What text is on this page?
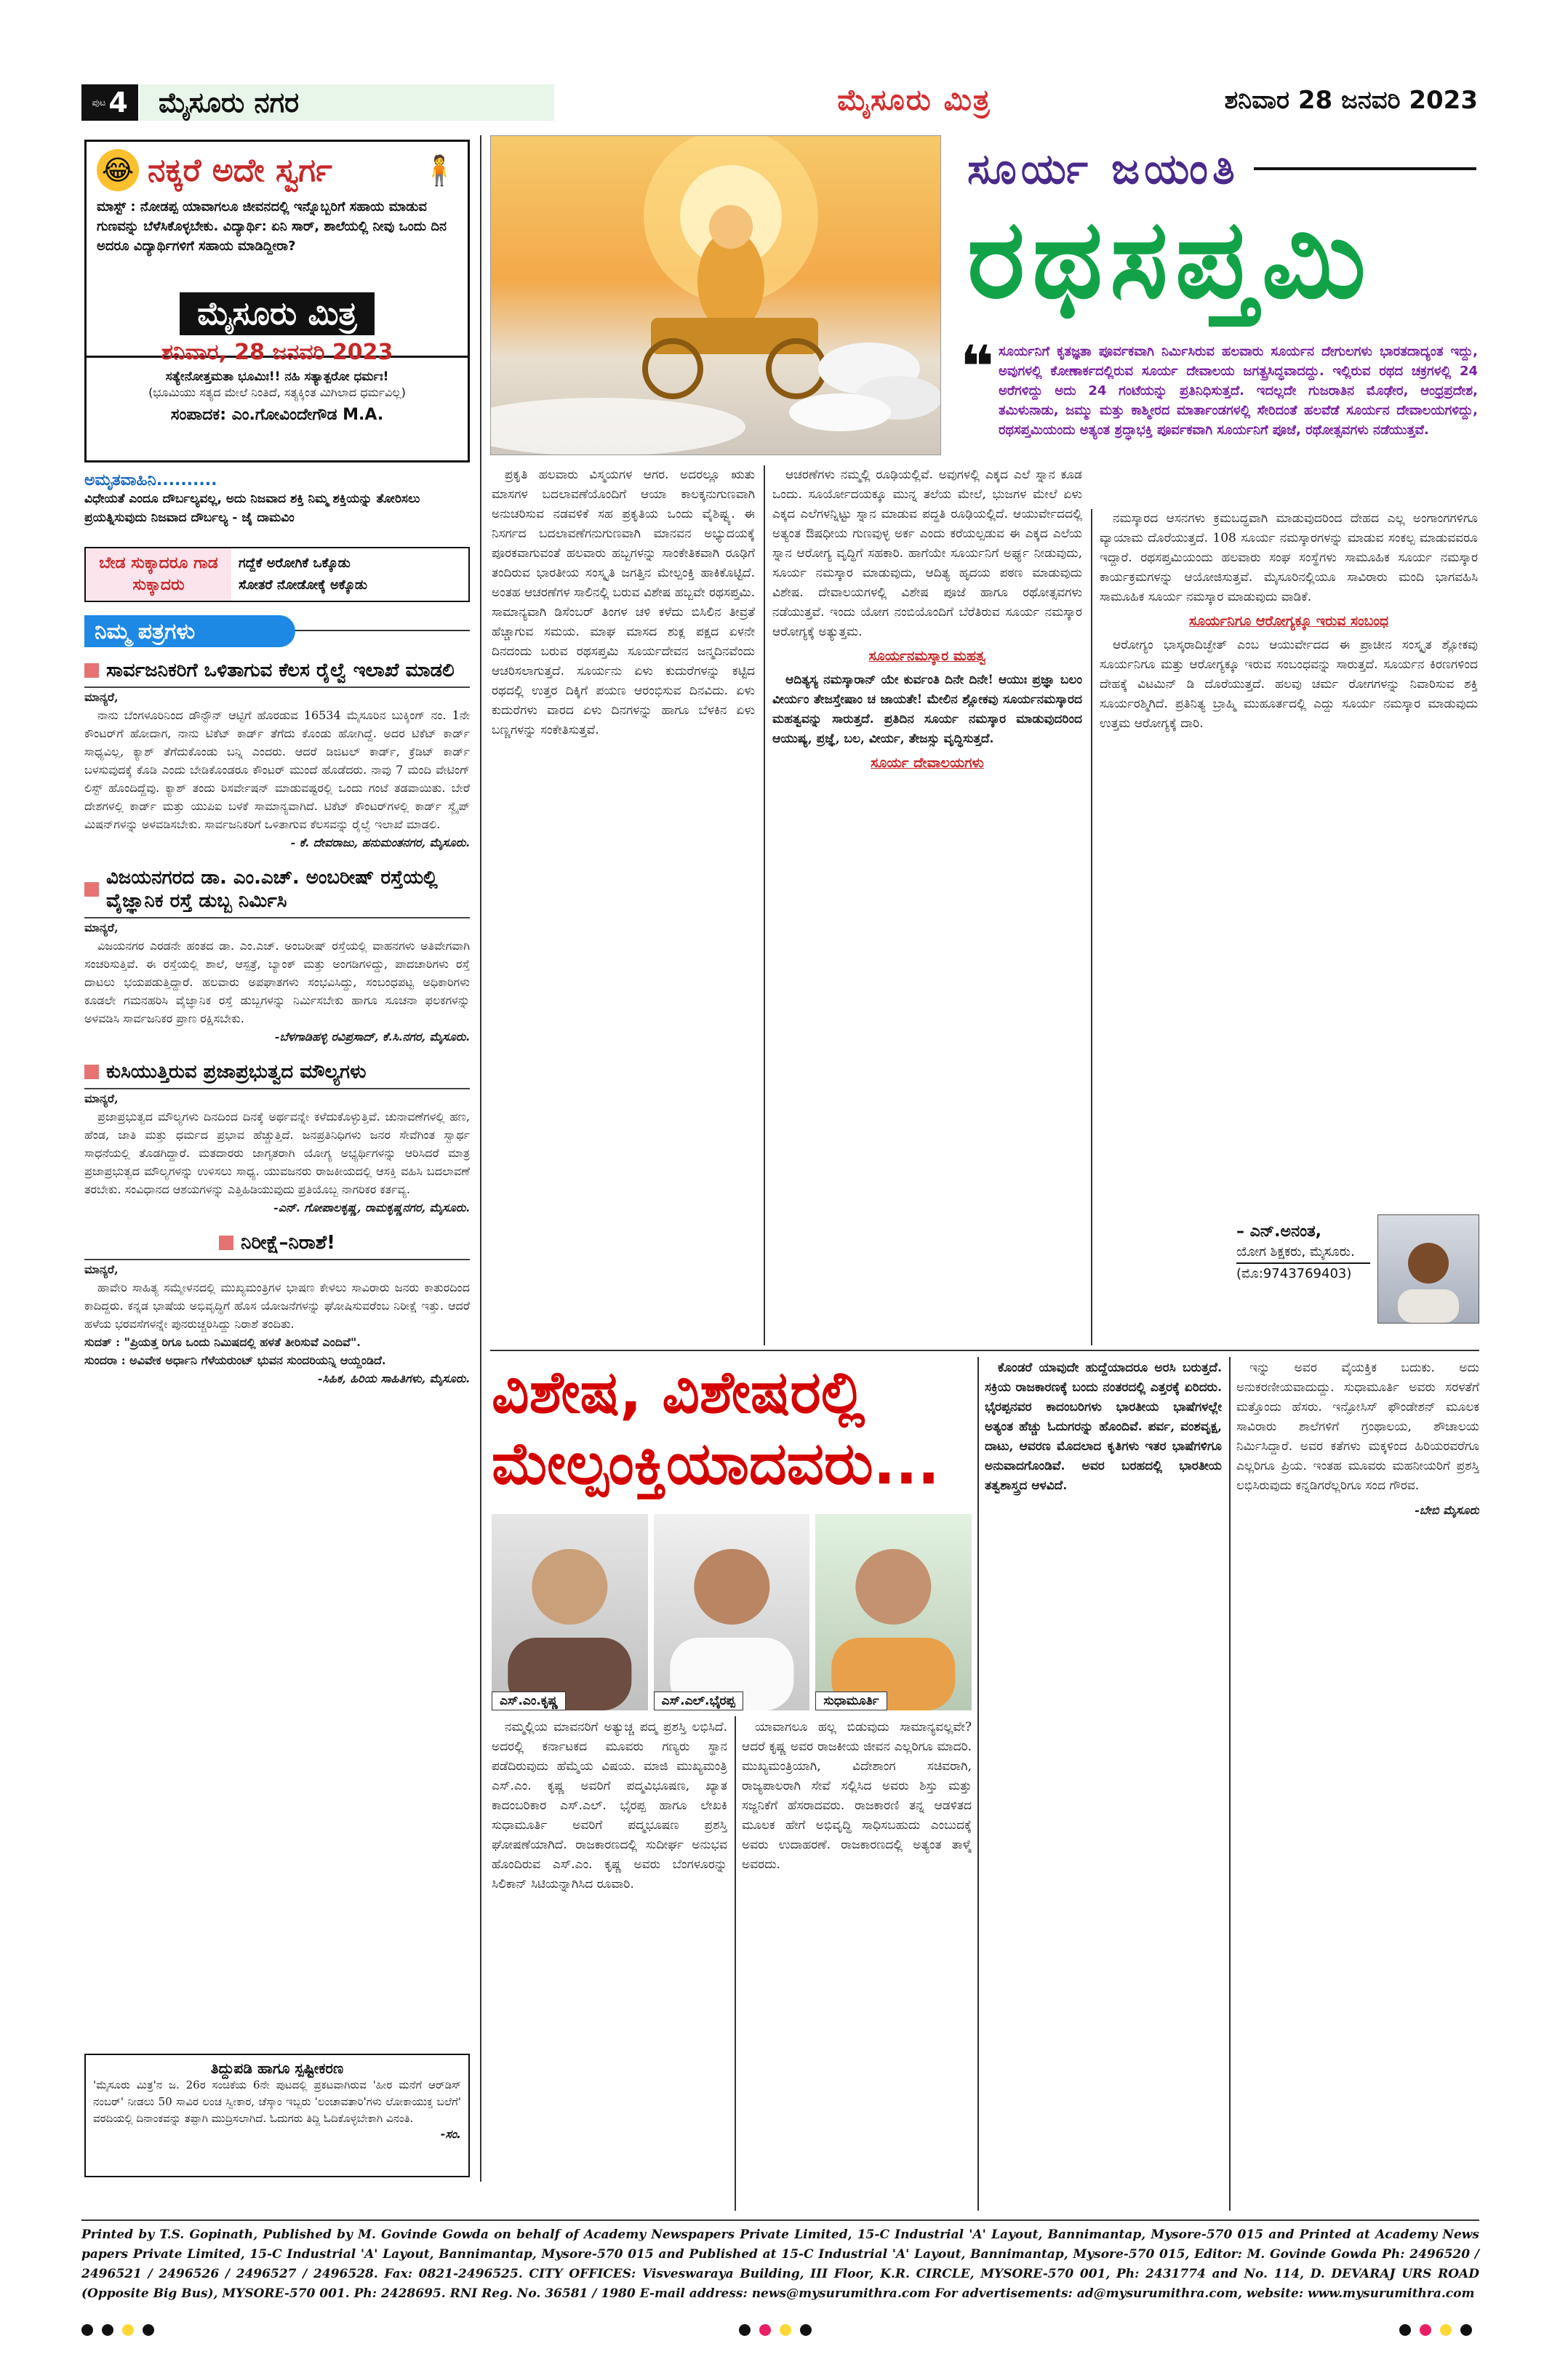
ಪುಟ 4	ಮೈಸೂರು ನಗರ	ಮೈಸೂರು ಮಿತ್ರ	ಶನಿವಾರ 28 ಜನವರಿ 2023
😂 ನಕ್ಕರೆ ಅದೇ ಸ್ವರ್ಗ	🧍
ಮಾಸ್ಟ್ : ನೋಡಪ್ಪ ಯಾವಾಗಲೂ ಜೀವನದಲ್ಲಿ ಇನ್ನೊಬ್ಬರಿಗೆ ಸಹಾಯ ಮಾಡುವ ಗುಣವನ್ನು ಬೆಳೆಸಿಕೊಳ್ಳಬೇಕು. ವಿದ್ಯಾರ್ಥಿ: ಏನಿ ಸಾರ್, ಶಾಲೆಯಲ್ಲಿ ನೀವು ಒಂದು ದಿನ ಅದರೂ ವಿದ್ಯಾರ್ಥಿಗಳಿಗೆ ಸಹಾಯ ಮಾಡಿದ್ದೀರಾ?
ಮೈಸೂರು ಮಿತ್ರ
ಶನಿವಾರ, 28 ಜನವರಿ 2023
ಸತ್ಯೇನೋತ್ತಮತಾ ಭೂಮಿಃ!! ನಹಿ ಸತ್ಯಾತ್ಪರೋ ಧರ್ಮಃ!
(ಭೂಮಿಯು ಸತ್ಯದ ಮೇಲೆ ನಿಂತಿದೆ, ಸತ್ಯಕ್ಕಿಂತ ಮಿಗಿಲಾದ ಧರ್ಮವಿಲ್ಲ)
ಸಂಪಾದಕ: ಎಂ.ಗೋವಿಂದೇಗೌಡ M.A.
ಅಮೃತವಾಹಿನಿ..........
ವಿಧೇಯತೆ ಎಂದೂ ದೌರ್ಬಲ್ಯವಲ್ಲ, ಅದು ನಿಜವಾದ ಶಕ್ತಿ ನಿಮ್ಮ ಶಕ್ತಿಯನ್ನು ತೋರಿಸಲು ಪ್ರಯತ್ನಿಸುವುದು ನಿಜವಾದ ದೌರ್ಬಲ್ಯ - ಜೈ ದಾಮವಿಂ
ಬೇಡ ಸುಕ್ಕಾದರೂ ಗಾಡ ಸುಕ್ಕಾದರು
ಗದ್ದೆಕೆ ಅರೋಗಿಕೆ ಒಕ್ಕೊಡು
ಸೋತರೆ ನೋಡೋಕ್ಕೆ ಅಕ್ಕೊಡು
ನಿಮ್ಮ ಪತ್ರಗಳು
ಸಾರ್ವಜನಿಕರಿಗೆ ಒಳಿತಾಗುವ ಕೆಲಸ ರೈಲ್ವೆ ಇಲಾಖೆ ಮಾಡಲಿ
ಮಾನ್ಯರೆ,
ನಾನು ಬೆಂಗಳೂರಿನಿಂದ ಡೌನ್ಟೌನ್ ಆಟ್ಟಿಗೆ ಹೊರಡುವ 16534 ಮೈಸೂರಿನ ಬುಕ್ಕಿಂಗ್ ನಂ. 1ನೇ ಕೌಂಟರ್‌ಗೆ ಹೋದಾಗ, ನಾನು ಟಿಕೆಟ್ ಕಾರ್ಡ್ ತೆಗೆದು ಕೊಂಡು ಹೋಗಿದ್ದೆ. ಅದರ ಟಿಕೆಟ್ ಕಾರ್ಡ್ ಸಾಧ್ಯವಿಲ್ಲ, ಕ್ಯಾಶ್ ತೆಗೆದುಕೊಂಡು ಬನ್ನಿ ಎಂದರು. ಆದರೆ ಡಿಜಿಟಲ್ ಕಾರ್ಡ್, ಕ್ರೆಡಿಟ್ ಕಾರ್ಡ್ ಬಳಸುವುದಕ್ಕೆ ಕೊಡಿ ಎಂದು ಬೇಡಿಕೊಂಡರೂ ಕೌಂಟರ್ ಮುಂದೆ ಹೊಡೆದರು. ನಾವು 7 ಮಂದಿ ವೇಟಿಂಗ್ ಲಿಸ್ಟ್ ಹೊಂದಿದ್ದೆವು. ಕ್ಯಾಶ್ ತಂದು ರಿಸರ್ವೇಷನ್ ಮಾಡುವಷ್ಟರಲ್ಲಿ ಒಂದು ಗಂಟೆ ತಡವಾಯಿತು. ಬೇರೆ ದೇಶಗಳಲ್ಲಿ ಕಾರ್ಡ್ ಮತ್ತು ಯುಪಿಐ ಬಳಕೆ ಸಾಮಾನ್ಯವಾಗಿದೆ. ಟಿಕೆಟ್ ಕೌಂಟರ್‌ಗಳಲ್ಲಿ ಕಾರ್ಡ್ ಸ್ವೈಪ್ ಮಿಷನ್‌ಗಳನ್ನು ಅಳವಡಿಸಬೇಕು. ಸಾರ್ವಜನಿಕರಿಗೆ ಒಳಿತಾಗುವ ಕೆಲಸವನ್ನು ರೈಲ್ವೆ ಇಲಾಖೆ ಮಾಡಲಿ.
- ಕೆ. ದೇವರಾಜು, ಹನುಮಂತನಗರ, ಮೈಸೂರು.
ವಿಜಯನಗರದ ಡಾ. ಎಂ.ಎಚ್. ಅಂಬರೀಷ್ ರಸ್ತೆಯಲ್ಲಿ ವೈಜ್ಞಾನಿಕ ರಸ್ತೆ ಡುಬ್ಬ ನಿರ್ಮಿಸಿ
ಮಾನ್ಯರೆ,
ವಿಜಯನಗರ ಎರಡನೇ ಹಂತದ ಡಾ. ಎಂ.ಎಚ್. ಅಂಬರೀಷ್ ರಸ್ತೆಯಲ್ಲಿ ವಾಹನಗಳು ಅತಿವೇಗವಾಗಿ ಸಂಚರಿಸುತ್ತಿವೆ. ಈ ರಸ್ತೆಯಲ್ಲಿ ಶಾಲೆ, ಆಸ್ಪತ್ರೆ, ಬ್ಯಾಂಕ್ ಮತ್ತು ಅಂಗಡಿಗಳಿದ್ದು, ಪಾದಚಾರಿಗಳು ರಸ್ತೆ ದಾಟಲು ಭಯಪಡುತ್ತಿದ್ದಾರೆ. ಹಲವಾರು ಅಪಘಾತಗಳು ಸಂಭವಿಸಿದ್ದು, ಸಂಬಂಧಪಟ್ಟ ಅಧಿಕಾರಿಗಳು ಕೂಡಲೇ ಗಮನಹರಿಸಿ ವೈಜ್ಞಾನಿಕ ರಸ್ತೆ ಡುಬ್ಬಗಳನ್ನು ನಿರ್ಮಿಸಬೇಕು ಹಾಗೂ ಸೂಚನಾ ಫಲಕಗಳನ್ನು ಅಳವಡಿಸಿ ಸಾರ್ವಜನಿಕರ ಪ್ರಾಣ ರಕ್ಷಿಸಬೇಕು.
-ಬೆಳಗಾಡಿಹಳ್ಳಿ ರವಿಪ್ರಸಾದ್, ಕೆ.ಸಿ.ನಗರ, ಮೈಸೂರು.
ಕುಸಿಯುತ್ತಿರುವ ಪ್ರಜಾಪ್ರಭುತ್ವದ ಮೌಲ್ಯಗಳು
ಮಾನ್ಯರೆ,
ಪ್ರಜಾಪ್ರಭುತ್ವದ ಮೌಲ್ಯಗಳು ದಿನದಿಂದ ದಿನಕ್ಕೆ ಅರ್ಥವನ್ನೇ ಕಳೆದುಕೊಳ್ಳುತ್ತಿವೆ. ಚುನಾವಣೆಗಳಲ್ಲಿ ಹಣ, ಹೆಂಡ, ಜಾತಿ ಮತ್ತು ಧರ್ಮದ ಪ್ರಭಾವ ಹೆಚ್ಚುತ್ತಿದೆ. ಜನಪ್ರತಿನಿಧಿಗಳು ಜನರ ಸೇವೆಗಿಂತ ಸ್ವಾರ್ಥ ಸಾಧನೆಯಲ್ಲಿ ತೊಡಗಿದ್ದಾರೆ. ಮತದಾರರು ಜಾಗೃತರಾಗಿ ಯೋಗ್ಯ ಅಭ್ಯರ್ಥಿಗಳನ್ನು ಆರಿಸಿದರೆ ಮಾತ್ರ ಪ್ರಜಾಪ್ರಭುತ್ವದ ಮೌಲ್ಯಗಳನ್ನು ಉಳಿಸಲು ಸಾಧ್ಯ. ಯುವಜನರು ರಾಜಕೀಯದಲ್ಲಿ ಆಸಕ್ತಿ ವಹಿಸಿ ಬದಲಾವಣೆ ತರಬೇಕು. ಸಂವಿಧಾನದ ಆಶಯಗಳನ್ನು ಎತ್ತಿಹಿಡಿಯುವುದು ಪ್ರತಿಯೊಬ್ಬ ನಾಗರಿಕರ ಕರ್ತವ್ಯ.
-ಎನ್. ಗೋಪಾಲಕೃಷ್ಣ, ರಾಮಕೃಷ್ಣನಗರ, ಮೈಸೂರು.
ನಿರೀಕ್ಷೆ–ನಿರಾಶೆ!
ಮಾನ್ಯರೆ,
ಹಾವೇರಿ ಸಾಹಿತ್ಯ ಸಮ್ಮೇಳನದಲ್ಲಿ ಮುಖ್ಯಮಂತ್ರಿಗಳ ಭಾಷಣ ಕೇಳಲು ಸಾವಿರಾರು ಜನರು ಕಾತುರದಿಂದ ಕಾದಿದ್ದರು. ಕನ್ನಡ ಭಾಷೆಯ ಅಭಿವೃದ್ಧಿಗೆ ಹೊಸ ಯೋಜನೆಗಳನ್ನು ಘೋಷಿಸುವರೆಂಬ ನಿರೀಕ್ಷೆ ಇತ್ತು. ಆದರೆ ಹಳೆಯ ಭರವಸೆಗಳನ್ನೇ ಪುನರುಚ್ಚರಿಸಿದ್ದು ನಿರಾಶೆ ತಂದಿತು.
ಸುದತ್ : "ಪ್ರಿಯತ್ತ ರಿಗೂ ಒಂದು ನಿಮಿಷದಲ್ಲಿ ಹಳತೆ ತೀರಿಸುವೆ ಎಂದಿವೆ".
ಸುಂದರಾ : ಅವಿವೇಕ ಅರ್ಧಾನಿ ಗೆಳೆಯರುಂಟ್ ಭುವನ ಸುಂದರಿಯನ್ನಿ ಆಯ್ದಂಡಿದೆ.
-ಸಿಹಿಕ, ಹಿರಿಯ ಸಾಹಿತಿಗಳು, ಮೈಸೂರು.
ತಿದ್ದುಪಡಿ ಹಾಗೂ ಸ್ಪಷ್ಟೀಕರಣ
'ಮೈಸೂರು ಮಿತ್ರ'ನ ಜ. 26ರ ಸಂಚಿಕೆಯ 6ನೇ ಪುಟದಲ್ಲಿ ಪ್ರಕಟವಾಗಿರುವ 'ಹೀರ ಮನೆಗೆ ಆರ್‌ಡಿಸ್ ನಂಬರ್' ನೀಡಲು 50 ಸಾವಿರ ಲಂಚ ಸ್ವೀಕಾರ, ಚೆಸ್ಕಾಂ ಇಬ್ಬರು 'ಲಂಚಾವತಾರಿ'ಗಳು ಲೋಕಾಯುಕ್ತ ಬಲೆಗೆ' ವರದಿಯಲ್ಲಿ ದಿನಾಂಕವನ್ನು ತಪ್ಪಾಗಿ ಮುದ್ರಿಸಲಾಗಿದೆ. ಓದುಗರು ತಿದ್ದಿ ಓದಿಕೊಳ್ಳಬೇಕಾಗಿ ವಿನಂತಿ.
-ಸಂ.
ಸೂರ್ಯ ಜಯಂತಿ
ರಥಸಪ್ತಮಿ
❝ ಸೂರ್ಯನಿಗೆ ಕೃತಜ್ಞತಾ ಪೂರ್ವಕವಾಗಿ ನಿರ್ಮಿಸಿರುವ ಹಲವಾರು ಸೂರ್ಯನ ದೇಗುಲಗಳು ಭಾರತದಾದ್ಯಂತ ಇದ್ದು, ಅವುಗಳಲ್ಲಿ ಕೋಣಾರ್ಕದಲ್ಲಿರುವ ಸೂರ್ಯ ದೇವಾಲಯ ಜಗತ್ಪ್ರಸಿದ್ಧವಾದದ್ದು. ಇಲ್ಲಿರುವ ರಥದ ಚಕ್ರಗಳಲ್ಲಿ 24 ಅರೆಗಳಿದ್ದು ಅದು 24 ಗಂಟೆಯನ್ನು ಪ್ರತಿನಿಧಿಸುತ್ತದೆ. ಇದಲ್ಲದೇ ಗುಜರಾತಿನ ಮೊಢೇರ, ಆಂಧ್ರಪ್ರದೇಶ, ತಮಿಳುನಾಡು, ಜಮ್ಮು ಮತ್ತು ಕಾಶ್ಮೀರದ ಮಾರ್ತಾಂಡಗಳಲ್ಲಿ ಸೇರಿದಂತೆ ಹಲವೆಡೆ ಸೂರ್ಯನ ದೇವಾಲಯಗಳಿದ್ದು, ರಥಸಪ್ತಮಿಯಂದು ಅತ್ಯಂತ ಶ್ರದ್ಧಾಭಕ್ತಿ ಪೂರ್ವಕವಾಗಿ ಸೂರ್ಯನಿಗೆ ಪೂಜೆ, ರಥೋತ್ಸವಗಳು ನಡೆಯುತ್ತವೆ.

ಪ್ರಕೃತಿ ಹಲವಾರು ವಿಸ್ಮಯಗಳ ಆಗರ. ಅದರಲ್ಲೂ ಋತು ಮಾಸಗಳ ಬದಲಾವಣೆಯೊಂದಿಗೆ ಆಯಾ ಕಾಲಕ್ಕನುಗುಣವಾಗಿ ಅನುಚರಿಸುವ ನಡವಳಿಕೆ ಸಹ ಪ್ರಕೃತಿಯ ಒಂದು ವೈಶಿಷ್ಟ್ಯ. ಈ ನಿಸರ್ಗದ ಬದಲಾವಣೆಗನುಗುಣವಾಗಿ ಮಾನವನ ಅಭ್ಯುದಯಕ್ಕೆ ಪೂರಕವಾಗುವಂತೆ ಹಲವಾರು ಹಬ್ಬಗಳನ್ನು ಸಾಂಕೇತಿಕವಾಗಿ ರೂಢಿಗೆ ತಂದಿರುವ ಭಾರತೀಯ ಸಂಸ್ಕೃತಿ ಜಗತ್ತಿನ ಮೇಲ್ಪಂಕ್ತಿ ಹಾಕಿಕೊಟ್ಟಿದೆ. ಅಂತಹ ಆಚರಣೆಗಳ ಸಾಲಿನಲ್ಲಿ ಬರುವ ವಿಶೇಷ ಹಬ್ಬವೇ ರಥಸಪ್ತಮಿ. ಸಾಮಾನ್ಯವಾಗಿ ಡಿಸೆಂಬರ್ ತಿಂಗಳ ಚಳಿ ಕಳೆದು ಬಿಸಿಲಿನ ತೀವ್ರತೆ ಹೆಚ್ಚಾಗುವ ಸಮಯ. ಮಾಘ ಮಾಸದ ಶುಕ್ಲ ಪಕ್ಷದ ಏಳನೇ ದಿನದಂದು ಬರುವ ರಥಸಪ್ತಮಿ ಸೂರ್ಯದೇವನ ಜನ್ಮದಿನವೆಂದು ಆಚರಿಸಲಾಗುತ್ತದೆ. ಸೂರ್ಯನು ಏಳು ಕುದುರೆಗಳನ್ನು ಕಟ್ಟಿದ ರಥದಲ್ಲಿ ಉತ್ತರ ದಿಕ್ಕಿಗೆ ಪಯಣ ಆರಂಭಿಸುವ ದಿನವಿದು. ಏಳು ಕುದುರೆಗಳು ವಾರದ ಏಳು ದಿನಗಳನ್ನು ಹಾಗೂ ಬೆಳಕಿನ ಏಳು ಬಣ್ಣಗಳನ್ನು ಸಂಕೇತಿಸುತ್ತವೆ.

ಆಚರಣೆಗಳು ನಮ್ಮಲ್ಲಿ ರೂಢಿಯಲ್ಲಿವೆ. ಅವುಗಳಲ್ಲಿ ಎಕ್ಕದ ಎಲೆ ಸ್ನಾನ ಕೂಡ ಒಂದು. ಸೂರ್ಯೋದಯಕ್ಕೂ ಮುನ್ನ ತಲೆಯ ಮೇಲೆ, ಭುಜಗಳ ಮೇಲೆ ಏಳು ಎಕ್ಕದ ಎಲೆಗಳನ್ನಿಟ್ಟು ಸ್ನಾನ ಮಾಡುವ ಪದ್ಧತಿ ರೂಢಿಯಲ್ಲಿದೆ. ಆಯುರ್ವೇದದಲ್ಲಿ ಅತ್ಯಂತ ಔಷಧೀಯ ಗುಣವುಳ್ಳ ಅರ್ಕ ಎಂದು ಕರೆಯಲ್ಪಡುವ ಈ ಎಕ್ಕದ ಎಲೆಯ ಸ್ನಾನ ಆರೋಗ್ಯ ವೃದ್ಧಿಗೆ ಸಹಕಾರಿ. ಹಾಗೆಯೇ ಸೂರ್ಯನಿಗೆ ಅರ್ಘ್ಯ ನೀಡುವುದು, ಸೂರ್ಯ ನಮಸ್ಕಾರ ಮಾಡುವುದು, ಆದಿತ್ಯ ಹೃದಯ ಪಠಣ ಮಾಡುವುದು ವಿಶೇಷ. ದೇವಾಲಯಗಳಲ್ಲಿ ವಿಶೇಷ ಪೂಜೆ ಹಾಗೂ ರಥೋತ್ಸವಗಳು ನಡೆಯುತ್ತವೆ. ಇಂದು ಯೋಗ ನಂಬಿಯೊಂದಿಗೆ ಬೆರೆತಿರುವ ಸೂರ್ಯ ನಮಸ್ಕಾರ ಆರೋಗ್ಯಕ್ಕೆ ಅತ್ಯುತ್ತಮ.

ಸೂರ್ಯನಮಸ್ಕಾರ ಮಹತ್ವ

ಆದಿತ್ಯಸ್ಯ ನಮಸ್ಕಾರಾನ್ ಯೇ ಕುರ್ವಂತಿ ದಿನೇ ದಿನೇ! ಆಯುಃ ಪ್ರಜ್ಞಾ ಬಲಂ ವೀರ್ಯಂ ತೇಜಸ್ತೇಷಾಂ ಚ ಜಾಯತೇ! ಮೇಲಿನ ಶ್ಲೋಕವು ಸೂರ್ಯನಮಸ್ಕಾರದ ಮಹತ್ವವನ್ನು ಸಾರುತ್ತದೆ. ಪ್ರತಿದಿನ ಸೂರ್ಯ ನಮಸ್ಕಾರ ಮಾಡುವುದರಿಂದ ಆಯುಷ್ಯ, ಪ್ರಜ್ಞೆ, ಬಲ, ವೀರ್ಯ, ತೇಜಸ್ಸು ವೃದ್ಧಿಸುತ್ತದೆ.

ಸೂರ್ಯ ದೇವಾಲಯಗಳು

ನಮಸ್ಕಾರದ ಆಸನಗಳು ಕ್ರಮಬದ್ಧವಾಗಿ ಮಾಡುವುದರಿಂದ ದೇಹದ ಎಲ್ಲ ಅಂಗಾಂಗಗಳಿಗೂ ವ್ಯಾಯಾಮ ದೊರೆಯುತ್ತದೆ. 108 ಸೂರ್ಯ ನಮಸ್ಕಾರಗಳನ್ನು ಮಾಡುವ ಸಂಕಲ್ಪ ಮಾಡುವವರೂ ಇದ್ದಾರೆ. ರಥಸಪ್ತಮಿಯಂದು ಹಲವಾರು ಸಂಘ ಸಂಸ್ಥೆಗಳು ಸಾಮೂಹಿಕ ಸೂರ್ಯ ನಮಸ್ಕಾರ ಕಾರ್ಯಕ್ರಮಗಳನ್ನು ಆಯೋಜಿಸುತ್ತವೆ. ಮೈಸೂರಿನಲ್ಲಿಯೂ ಸಾವಿರಾರು ಮಂದಿ ಭಾಗವಹಿಸಿ ಸಾಮೂಹಿಕ ಸೂರ್ಯ ನಮಸ್ಕಾರ ಮಾಡುವುದು ವಾಡಿಕೆ.

ಸೂರ್ಯನಿಗೂ ಆರೋಗ್ಯಕ್ಕೂ ಇರುವ ಸಂಬಂಧ

ಆರೋಗ್ಯಂ ಭಾಸ್ಕರಾದಿಚ್ಛೇತ್ ಎಂಬ ಆಯುರ್ವೇದದ ಈ ಪ್ರಾಚೀನ ಸಂಸ್ಕೃತ ಶ್ಲೋಕವು ಸೂರ್ಯನಿಗೂ ಮತ್ತು ಆರೋಗ್ಯಕ್ಕೂ ಇರುವ ಸಂಬಂಧವನ್ನು ಸಾರುತ್ತದೆ. ಸೂರ್ಯನ ಕಿರಣಗಳಿಂದ ದೇಹಕ್ಕೆ ವಿಟಮಿನ್ ಡಿ ದೊರೆಯುತ್ತದೆ. ಹಲವು ಚರ್ಮ ರೋಗಗಳನ್ನು ನಿವಾರಿಸುವ ಶಕ್ತಿ ಸೂರ್ಯರಶ್ಮಿಗಿದೆ. ಪ್ರತಿನಿತ್ಯ ಬ್ರಾಹ್ಮಿ ಮುಹೂರ್ತದಲ್ಲಿ ಎದ್ದು ಸೂರ್ಯ ನಮಸ್ಕಾರ ಮಾಡುವುದು ಉತ್ತಮ ಆರೋಗ್ಯಕ್ಕೆ ದಾರಿ.

– ಎನ್.ಅನಂತ,
ಯೋಗ ಶಿಕ್ಷಕರು, ಮೈಸೂರು.
(ಮೊ:9743769403)
ವಿಶೇಷ, ವಿಶೇಷರಲ್ಲಿ
ಮೇಲ್ಪಂಕ್ತಿಯಾದವರು...
ಎಸ್.ಎಂ.ಕೃಷ್ಣ	ಎಸ್.ಎಲ್.ಭೈರಪ್ಪ	ಸುಧಾಮೂರ್ತಿ

ನಮ್ಮಲ್ಲಿಯ ಮಾವನರಿಗೆ ಅತ್ಯುಚ್ಚ ಪದ್ಮ ಪ್ರಶಸ್ತಿ ಲಭಿಸಿದೆ. ಅದರಲ್ಲಿ ಕರ್ನಾಟಕದ ಮೂವರು ಗಣ್ಯರು ಸ್ಥಾನ ಪಡೆದಿರುವುದು ಹೆಮ್ಮೆಯ ವಿಷಯ. ಮಾಜಿ ಮುಖ್ಯಮಂತ್ರಿ ಎಸ್.ಎಂ. ಕೃಷ್ಣ ಅವರಿಗೆ ಪದ್ಮವಿಭೂಷಣ, ಖ್ಯಾತ ಕಾದಂಬರಿಕಾರ ಎಸ್.ಎಲ್. ಭೈರಪ್ಪ ಹಾಗೂ ಲೇಖಕಿ ಸುಧಾಮೂರ್ತಿ ಅವರಿಗೆ ಪದ್ಮಭೂಷಣ ಪ್ರಶಸ್ತಿ ಘೋಷಣೆಯಾಗಿದೆ. ರಾಜಕಾರಣದಲ್ಲಿ ಸುದೀರ್ಘ ಅನುಭವ ಹೊಂದಿರುವ ಎಸ್.ಎಂ. ಕೃಷ್ಣ ಅವರು ಬೆಂಗಳೂರನ್ನು ಸಿಲಿಕಾನ್ ಸಿಟಿಯನ್ನಾಗಿಸಿದ ರೂವಾರಿ.

ಯಾವಾಗಲೂ ಹಲ್ಲ ಬಿಡುವುದು ಸಾಮಾನ್ಯವಲ್ಲವೇ? ಆದರೆ ಕೃಷ್ಣ ಅವರ ರಾಜಕೀಯ ಜೀವನ ಎಲ್ಲರಿಗೂ ಮಾದರಿ. ಮುಖ್ಯಮಂತ್ರಿಯಾಗಿ, ವಿದೇಶಾಂಗ ಸಚಿವರಾಗಿ, ರಾಜ್ಯಪಾಲರಾಗಿ ಸೇವೆ ಸಲ್ಲಿಸಿದ ಅವರು ಶಿಸ್ತು ಮತ್ತು ಸಜ್ಜನಿಕೆಗೆ ಹೆಸರಾದವರು. ರಾಜಕಾರಣಿ ತನ್ನ ಆಡಳಿತದ ಮೂಲಕ ಹೇಗೆ ಅಭಿವೃದ್ಧಿ ಸಾಧಿಸಬಹುದು ಎಂಬುದಕ್ಕೆ ಅವರು ಉದಾಹರಣೆ. ರಾಜಕಾರಣದಲ್ಲಿ ಅತ್ಯಂತ ತಾಳ್ಮೆ ಅವರದು.

ಕೊಂಡರೆ ಯಾವುದೇ ಹುದ್ದೆಯಾದರೂ ಅರಸಿ ಬರುತ್ತದೆ. ಸಕ್ರಿಯ ರಾಜಕಾರಣಕ್ಕೆ ಬಂದು ನಂತರದಲ್ಲಿ ಎತ್ತರಕ್ಕೆ ಏರಿದರು. ಭೈರಪ್ಪನವರ ಕಾದಂಬರಿಗಳು ಭಾರತೀಯ ಭಾಷೆಗಳಲ್ಲೇ ಅತ್ಯಂತ ಹೆಚ್ಚು ಓದುಗರನ್ನು ಹೊಂದಿವೆ. ಪರ್ವ, ವಂಶವೃಕ್ಷ, ದಾಟು, ಆವರಣ ಮೊದಲಾದ ಕೃತಿಗಳು ಇತರ ಭಾಷೆಗಳಿಗೂ ಅನುವಾದಗೊಂಡಿವೆ. ಅವರ ಬರಹದಲ್ಲಿ ಭಾರತೀಯ ತತ್ವಶಾಸ್ತ್ರದ ಆಳವಿದೆ.

ಇನ್ನು ಅವರ ವೈಯಕ್ತಿಕ ಬದುಕು. ಅದು ಅನುಕರಣೀಯವಾದುದ್ದು. ಸುಧಾಮೂರ್ತಿ ಅವರು ಸರಳತೆಗೆ ಮತ್ತೊಂದು ಹೆಸರು. ಇನ್ಫೋಸಿಸ್ ಫೌಂಡೇಶನ್ ಮೂಲಕ ಸಾವಿರಾರು ಶಾಲೆಗಳಿಗೆ ಗ್ರಂಥಾಲಯ, ಶೌಚಾಲಯ ನಿರ್ಮಿಸಿದ್ದಾರೆ. ಅವರ ಕತೆಗಳು ಮಕ್ಕಳಿಂದ ಹಿರಿಯರವರೆಗೂ ಎಲ್ಲರಿಗೂ ಪ್ರಿಯ. ಇಂತಹ ಮೂವರು ಮಹನೀಯರಿಗೆ ಪ್ರಶಸ್ತಿ ಲಭಿಸಿರುವುದು ಕನ್ನಡಿಗರೆಲ್ಲರಿಗೂ ಸಂದ ಗೌರವ.

-ಬೇಬಿ ಮೈಸೂರು
Printed by T.S. Gopinath, Published by M. Govinde Gowda on behalf of Academy Newspapers Private Limited, 15-C Industrial 'A' Layout, Bannimantap, Mysore-570 015 and Printed at Academy News papers Private Limited, 15-C Industrial 'A' Layout, Bannimantap, Mysore-570 015 and Published at 15-C Industrial 'A' Layout, Bannimantap, Mysore-570 015, Editor: M. Govinde Gowda Ph: 2496520 / 2496521 / 2496526 / 2496527 / 2496528. Fax: 0821-2496525. CITY OFFICES: Visveswaraya Building, III Floor, K.R. CIRCLE, MYSORE-570 001, Ph: 2431774 and No. 114, D. DEVARAJ URS ROAD (Opposite Big Bus), MYSORE-570 001. Ph: 2428695. RNI Reg. No. 36581 / 1980 E-mail address: news@mysurumithra.com For advertisements: ad@mysurumithra.com, website: www.mysurumithra.com
